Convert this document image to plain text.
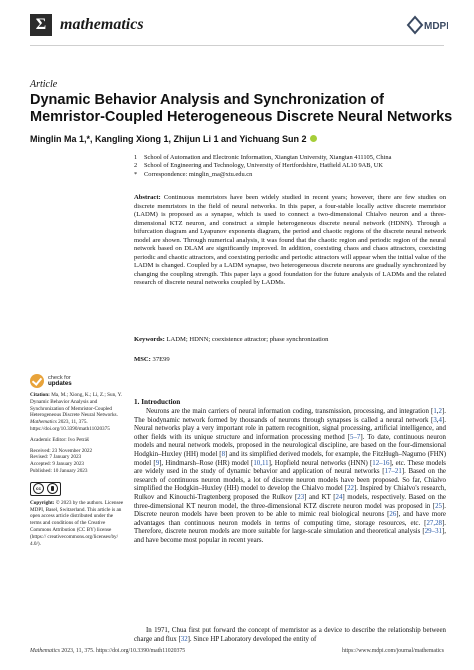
Σ mathematics	MDPI
Article
Dynamic Behavior Analysis and Synchronization of Memristor-Coupled Heterogeneous Discrete Neural Networks
Minglin Ma 1,*, Kangling Xiong 1, Zhijun Li 1 and Yichuang Sun 2
1	School of Automation and Electronic Information, Xiangtan University, Xiangtan 411105, China
2	School of Engineering and Technology, University of Hertfordshire, Hatfield AL10 9AB, UK
*	Correspondence: minglin_ma@xtu.edu.cn
Abstract: Continuous memristors have been widely studied in recent years; however, there are few studies on discrete memristors in the field of neural networks. In this paper, a four-stable locally active discrete memristor (LADM) is proposed as a synapse, which is used to connect a two-dimensional Chialvo neuron and a three-dimensional KTZ neuron, and construct a simple heterogeneous discrete neural network (HDNN). Through a bifurcation diagram and Lyapunov exponents diagram, the period and chaotic regions of the discrete neural network model are shown. Through numerical analysis, it was found that the chaotic region and periodic region of the neural network based on DLAM are significantly improved. In addition, coexisting chaos and chaos attractors, coexisting periodic and chaotic attractors, and coexisting periodic and periodic attractors will appear when the initial value of the LADM is changed. Coupled by a LADM synapse, two heterogeneous discrete neurons are gradually synchronized by changing the coupling strength. This paper lays a good foundation for the future analysis of LADMs and the related research of discrete neural networks coupled by LADMs.
Keywords: LADM; HDNN; coexistence attractor; phase synchronization
MSC: 37E99
check for
updates
Citation: Ma, M.; Xiong, K.; Li, Z.; Sun, Y. Dynamic Behavior Analysis and Synchronization of Memristor-Coupled Heterogeneous Discrete Neural Networks. Mathematics 2023, 11, 375. https://doi.org/10.3390/math11020375
Academic Editor: Ivo Petráš
Received: 23 November 2022
Revised: 7 January 2023
Accepted: 9 January 2023
Published: 10 January 2023
cc
Copyright: © 2023 by the authors. Licensee MDPI, Basel, Switzerland. This article is an open access article distributed under the terms and conditions of the Creative Commons Attribution (CC BY) license (https:// creativecommons.org/licenses/by/ 4.0/).
1. Introduction

Neurons are the main carriers of neural information coding, transmission, processing, and integration [1,2]. The biodynamic network formed by thousands of neurons through synapses is called a neural network [3,4]. Neural networks play a very important role in pattern recognition, signal processing, artificial intelligence, and other fields with its unique structure and information processing method [5–7]. To date, continuous neuron models and neural network models, proposed in the neurological discipline, are based on the four-dimensional Hodgkin–Huxley (HH) model [8] and its simplified derived models, for example, the FitzHugh–Nagumo (FHN) model [9], Hindmarsh–Rose (HR) model [10,11], Hopfield neural networks (HNN) [12–16], etc. These models are widely used in the study of dynamic behavior and application of neural networks [17–21]. Based on the research of continuous neuron models, a lot of discrete neuron models have been proposed. So far, Chialvo simplified the Hodgkin–Huxley (HH) model to develop the Chialvo model [22]. Inspired by Chialvo's research, Rulkov and Kinouchi-Tragtenberg proposed the Rulkov [23] and KT [24] models, respectively. Based on the three-dimensional KT neuron model, the three-dimensional KTZ discrete neuron model was proposed in [25]. Discrete neuron models have been proven to be able to mimic real biological neurons [26], and have more advantages than continuous neuron models in terms of computing time, storage resources, etc. [27,28]. Therefore, discrete neuron models are more suitable for large-scale simulation and theoretical analysis [29–31], and have become most popular in recent years.

In 1971, Chua first put forward the concept of memristor as a device to describe the relationship between charge and flux [32]. Since HP Laboratory developed the entity of

Mathematics 2023, 11, 375. https://doi.org/10.3390/math11020375	https://www.mdpi.com/journal/mathematics
